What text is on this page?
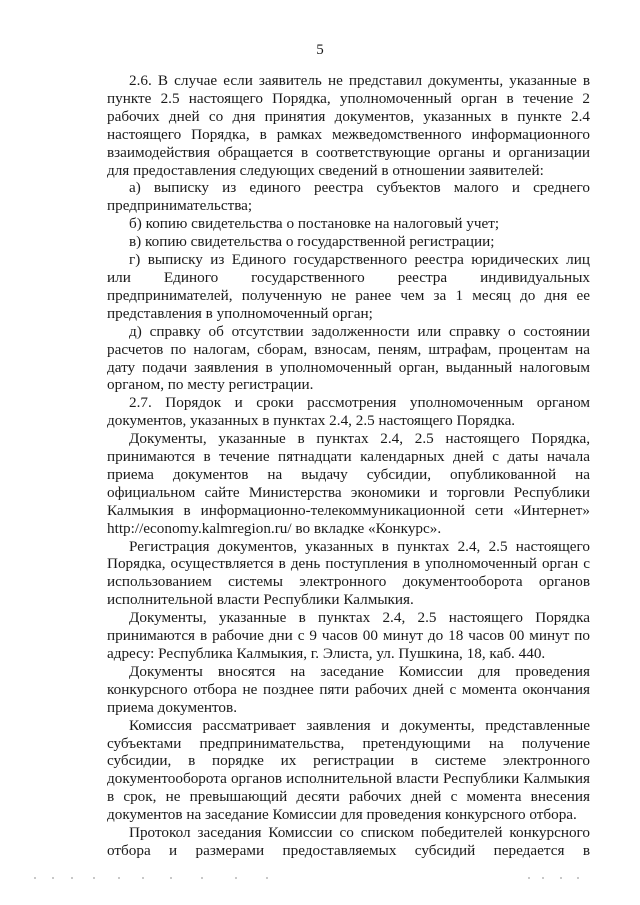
5

2.6. В случае если заявитель не представил документы, указанные в пункте 2.5 настоящего Порядка, уполномоченный орган в течение 2 рабочих дней со дня принятия документов, указанных в пункте 2.4 настоящего Порядка, в рамках межведомственного информационного взаимодействия обращается в соответствующие органы и организации для предоставления следующих сведений в отношении заявителей:

а) выписку из единого реестра субъектов малого и среднего предпринимательства;

б) копию свидетельства о постановке на налоговый учет;

в) копию свидетельства о государственной регистрации;

г) выписку из Единого государственного реестра юридических лиц или Единого государственного реестра индивидуальных предпринимателей, полученную не ранее чем за 1 месяц до дня ее представления в уполномоченный орган;

д) справку об отсутствии задолженности или справку о состоянии расчетов по налогам, сборам, взносам, пеням, штрафам, процентам на дату подачи заявления в уполномоченный орган, выданный налоговым органом, по месту регистрации.

2.7. Порядок и сроки рассмотрения уполномоченным органом документов, указанных в пунктах 2.4, 2.5 настоящего Порядка.

Документы, указанные в пунктах 2.4, 2.5 настоящего Порядка, принимаются в течение пятнадцати календарных дней с даты начала приема документов на выдачу субсидии, опубликованной на официальном сайте Министерства экономики и торговли Республики Калмыкия в информационно-телекоммуникационной сети «Интернет» http://economy.kalmregion.ru/ во вкладке «Конкурс».

Регистрация документов, указанных в пунктах 2.4, 2.5 настоящего Порядка, осуществляется в день поступления в уполномоченный орган с использованием системы электронного документооборота органов исполнительной власти Республики Калмыкия.

Документы, указанные в пунктах 2.4, 2.5 настоящего Порядка принимаются в рабочие дни с 9 часов 00 минут до 18 часов 00 минут по адресу: Республика Калмыкия, г. Элиста, ул. Пушкина, 18, каб. 440.

Документы вносятся на заседание Комиссии для проведения конкурсного отбора не позднее пяти рабочих дней с момента окончания приема документов.

Комиссия рассматривает заявления и документы, представленные субъектами предпринимательства, претендующими на получение субсидии, в порядке их регистрации в системе электронного документооборота органов исполнительной власти Республики Калмыкия в срок, не превышающий десяти рабочих дней с момента внесения документов на заседание Комиссии для проведения конкурсного отбора.

Протокол заседания Комиссии со списком победителей конкурсного отбора и размерами предоставляемых субсидий передается в
